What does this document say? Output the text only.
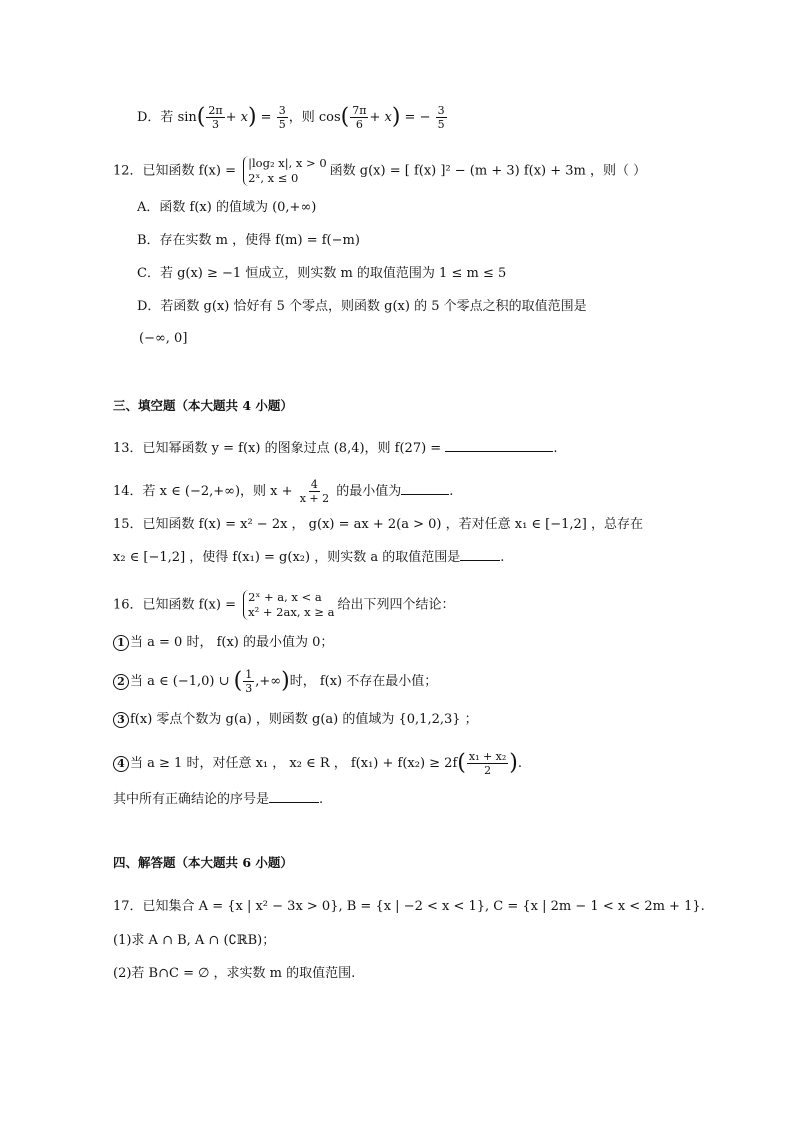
D．若 $\sin( \frac{2\pi}{3} + x) = \frac{3}{5}$ ，则 $\cos( \frac{7\pi}{6} + x)$ = − $\frac{3}{5}$
12．已知函数 f(x) =
|log₂ x|, x > 0
2ˣ, x ≤ 0	函数 g(x) = [ f(x) ]² − (m + 3) f(x) + 3m ，则（ ）
A．函数 f(x) 的值域为 (0,+∞)
B．存在实数 m ，使得 f(m) = f(−m)
C．若 g(x) ≥ −1 恒成立，则实数 m 的取值范围为 1 ≤ m ≤ 5
D．若函数 g(x) 恰好有 5 个零点，则函数 g(x) 的 5 个零点之积的取值范围是
(−∞, 0]
三、填空题（本大题共 4 小题）
13．已知幂函数 y = f(x) 的图象过点 (8,4)，则 f(27) =	.
14．若 x ∈ (−2,+∞)，则 $x + \frac{4}{x + 2}$ 的最小值为	.
15．已知函数 f(x) = x² − 2x ， g(x) = ax + 2(a > 0) ，若对任意 x₁ ∈ [−1,2] ，总存在
x₂ ∈ [−1,2] ，使得 f(x₁) = g(x₂) ，则实数 a 的取值范围是	.
16．已知函数 f(x) =
2ˣ + a, x < a
x² + 2ax, x ≥ a 给出下列四个结论：
1 当 a = 0 时， f(x) 的最小值为 0；
2 当 a ∈ (−1,0) ∪ ( $\frac{1}{3}$ ,+∞)时， f(x) 不存在最小值；
3 f(x) 零点个数为 g(a) ，则函数 g(a) 的值域为 {0,1,2,3} ；
4 当 a ≥ 1 时，对任意 x₁ ， x₂ ∈ R ， $f(x_1) + f(x_2) \ge 2f( \frac{\text{x₁ + x₂}}{2}$ ).
其中所有正确结论的序号是	.
四、解答题（本大题共 6 小题）
17．已知集合 A = {x | x² − 3x > 0}, B = {x | −2 < x < 1}, C = {x | 2m − 1 < x < 2m + 1}.
(1)求 A ∩ B, A ∩ (∁ℝB)；
(2)若 B∩C = ∅ ，求实数 m 的取值范围.
